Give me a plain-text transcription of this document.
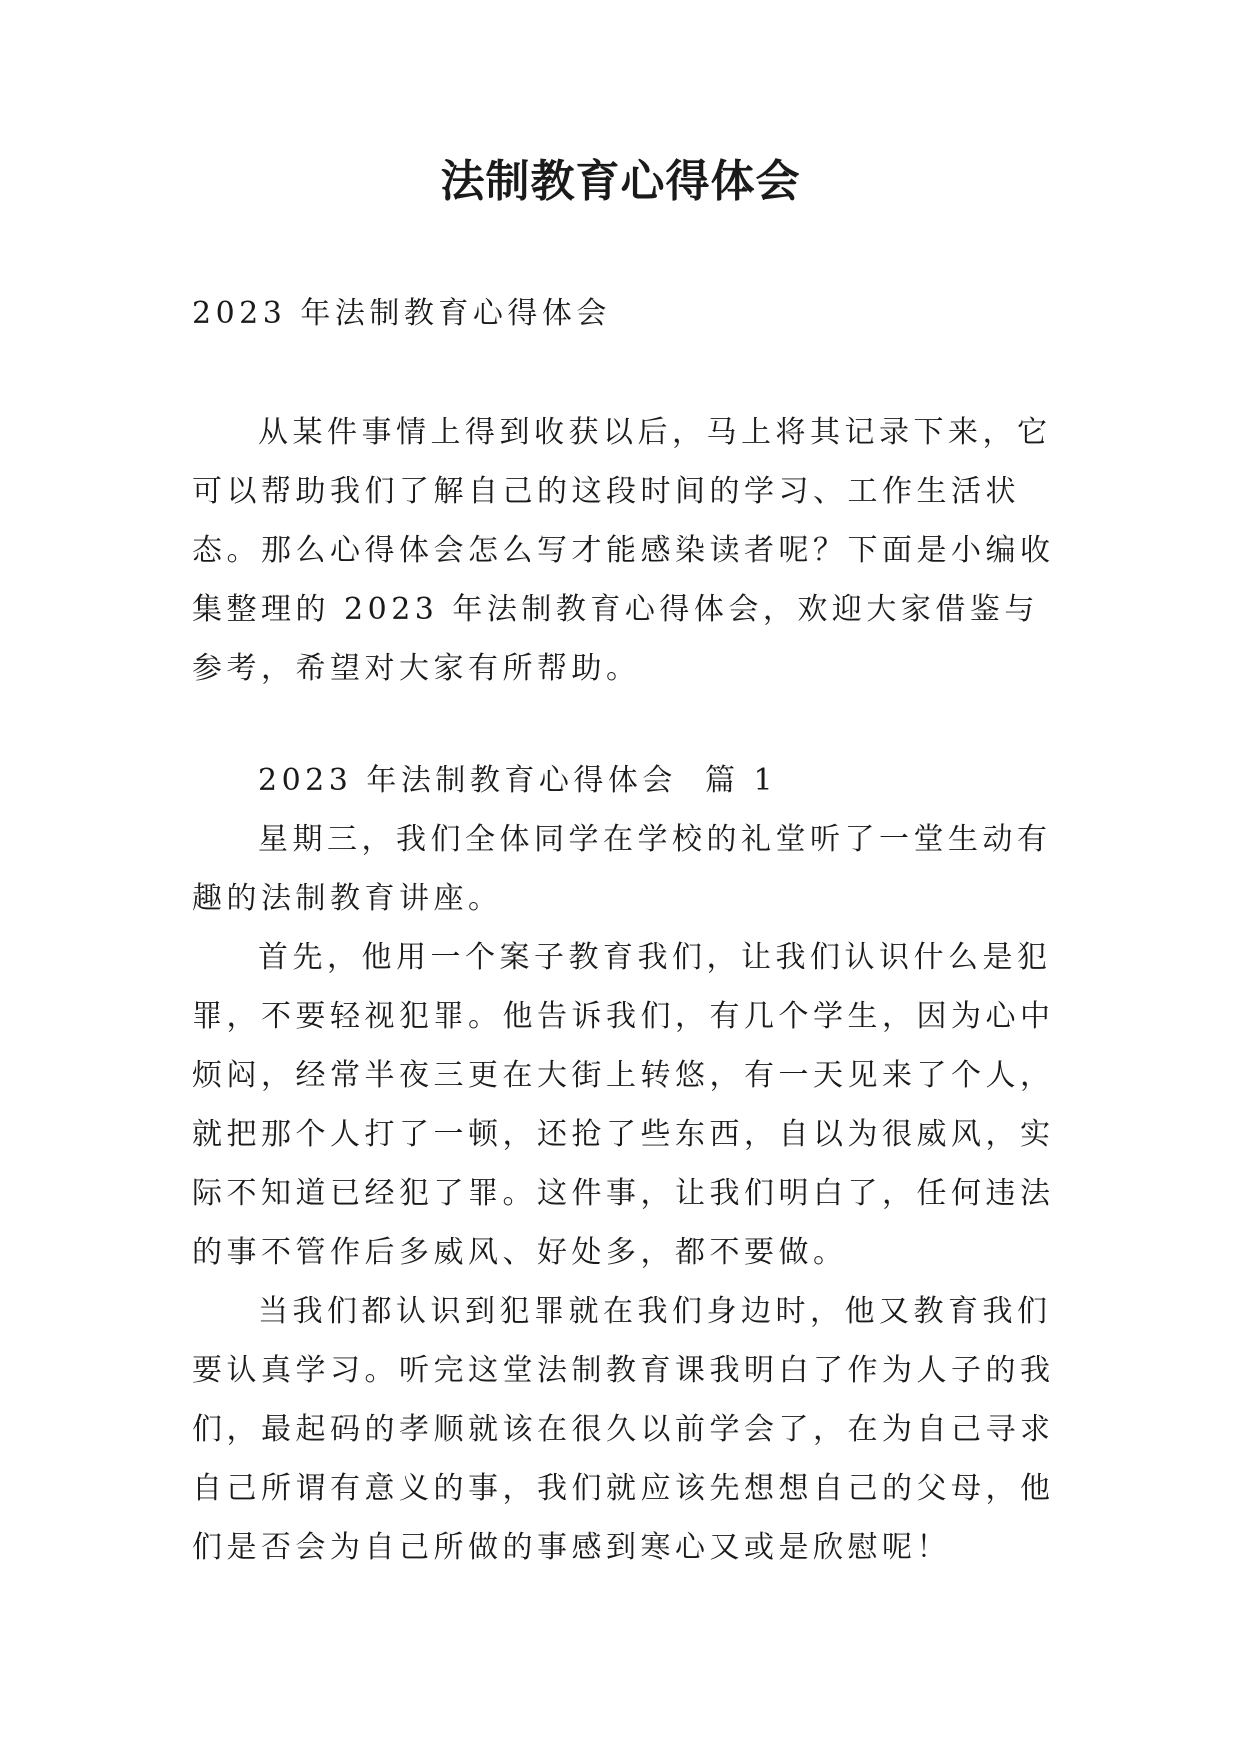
法制教育心得体会

2023 年法制教育心得体会

从某件事情上得到收获以后，马上将其记录下来，它可以帮助我们了解自己的这段时间的学习、工作生活状态。那么心得体会怎么写才能感染读者呢？下面是小编收集整理的 2023 年法制教育心得体会，欢迎大家借鉴与参考，希望对大家有所帮助。

2023 年法制教育心得体会  篇 1

星期三，我们全体同学在学校的礼堂听了一堂生动有趣的法制教育讲座。

首先，他用一个案子教育我们，让我们认识什么是犯罪，不要轻视犯罪。他告诉我们，有几个学生，因为心中烦闷，经常半夜三更在大街上转悠，有一天见来了个人，就把那个人打了一顿，还抢了些东西，自以为很威风，实际不知道已经犯了罪。这件事，让我们明白了，任何违法的事不管作后多威风、好处多，都不要做。

当我们都认识到犯罪就在我们身边时，他又教育我们要认真学习。听完这堂法制教育课我明白了作为人子的我们，最起码的孝顺就该在很久以前学会了，在为自己寻求自己所谓有意义的事，我们就应该先想想自己的父母，他们是否会为自己所做的事感到寒心又或是欣慰呢！
